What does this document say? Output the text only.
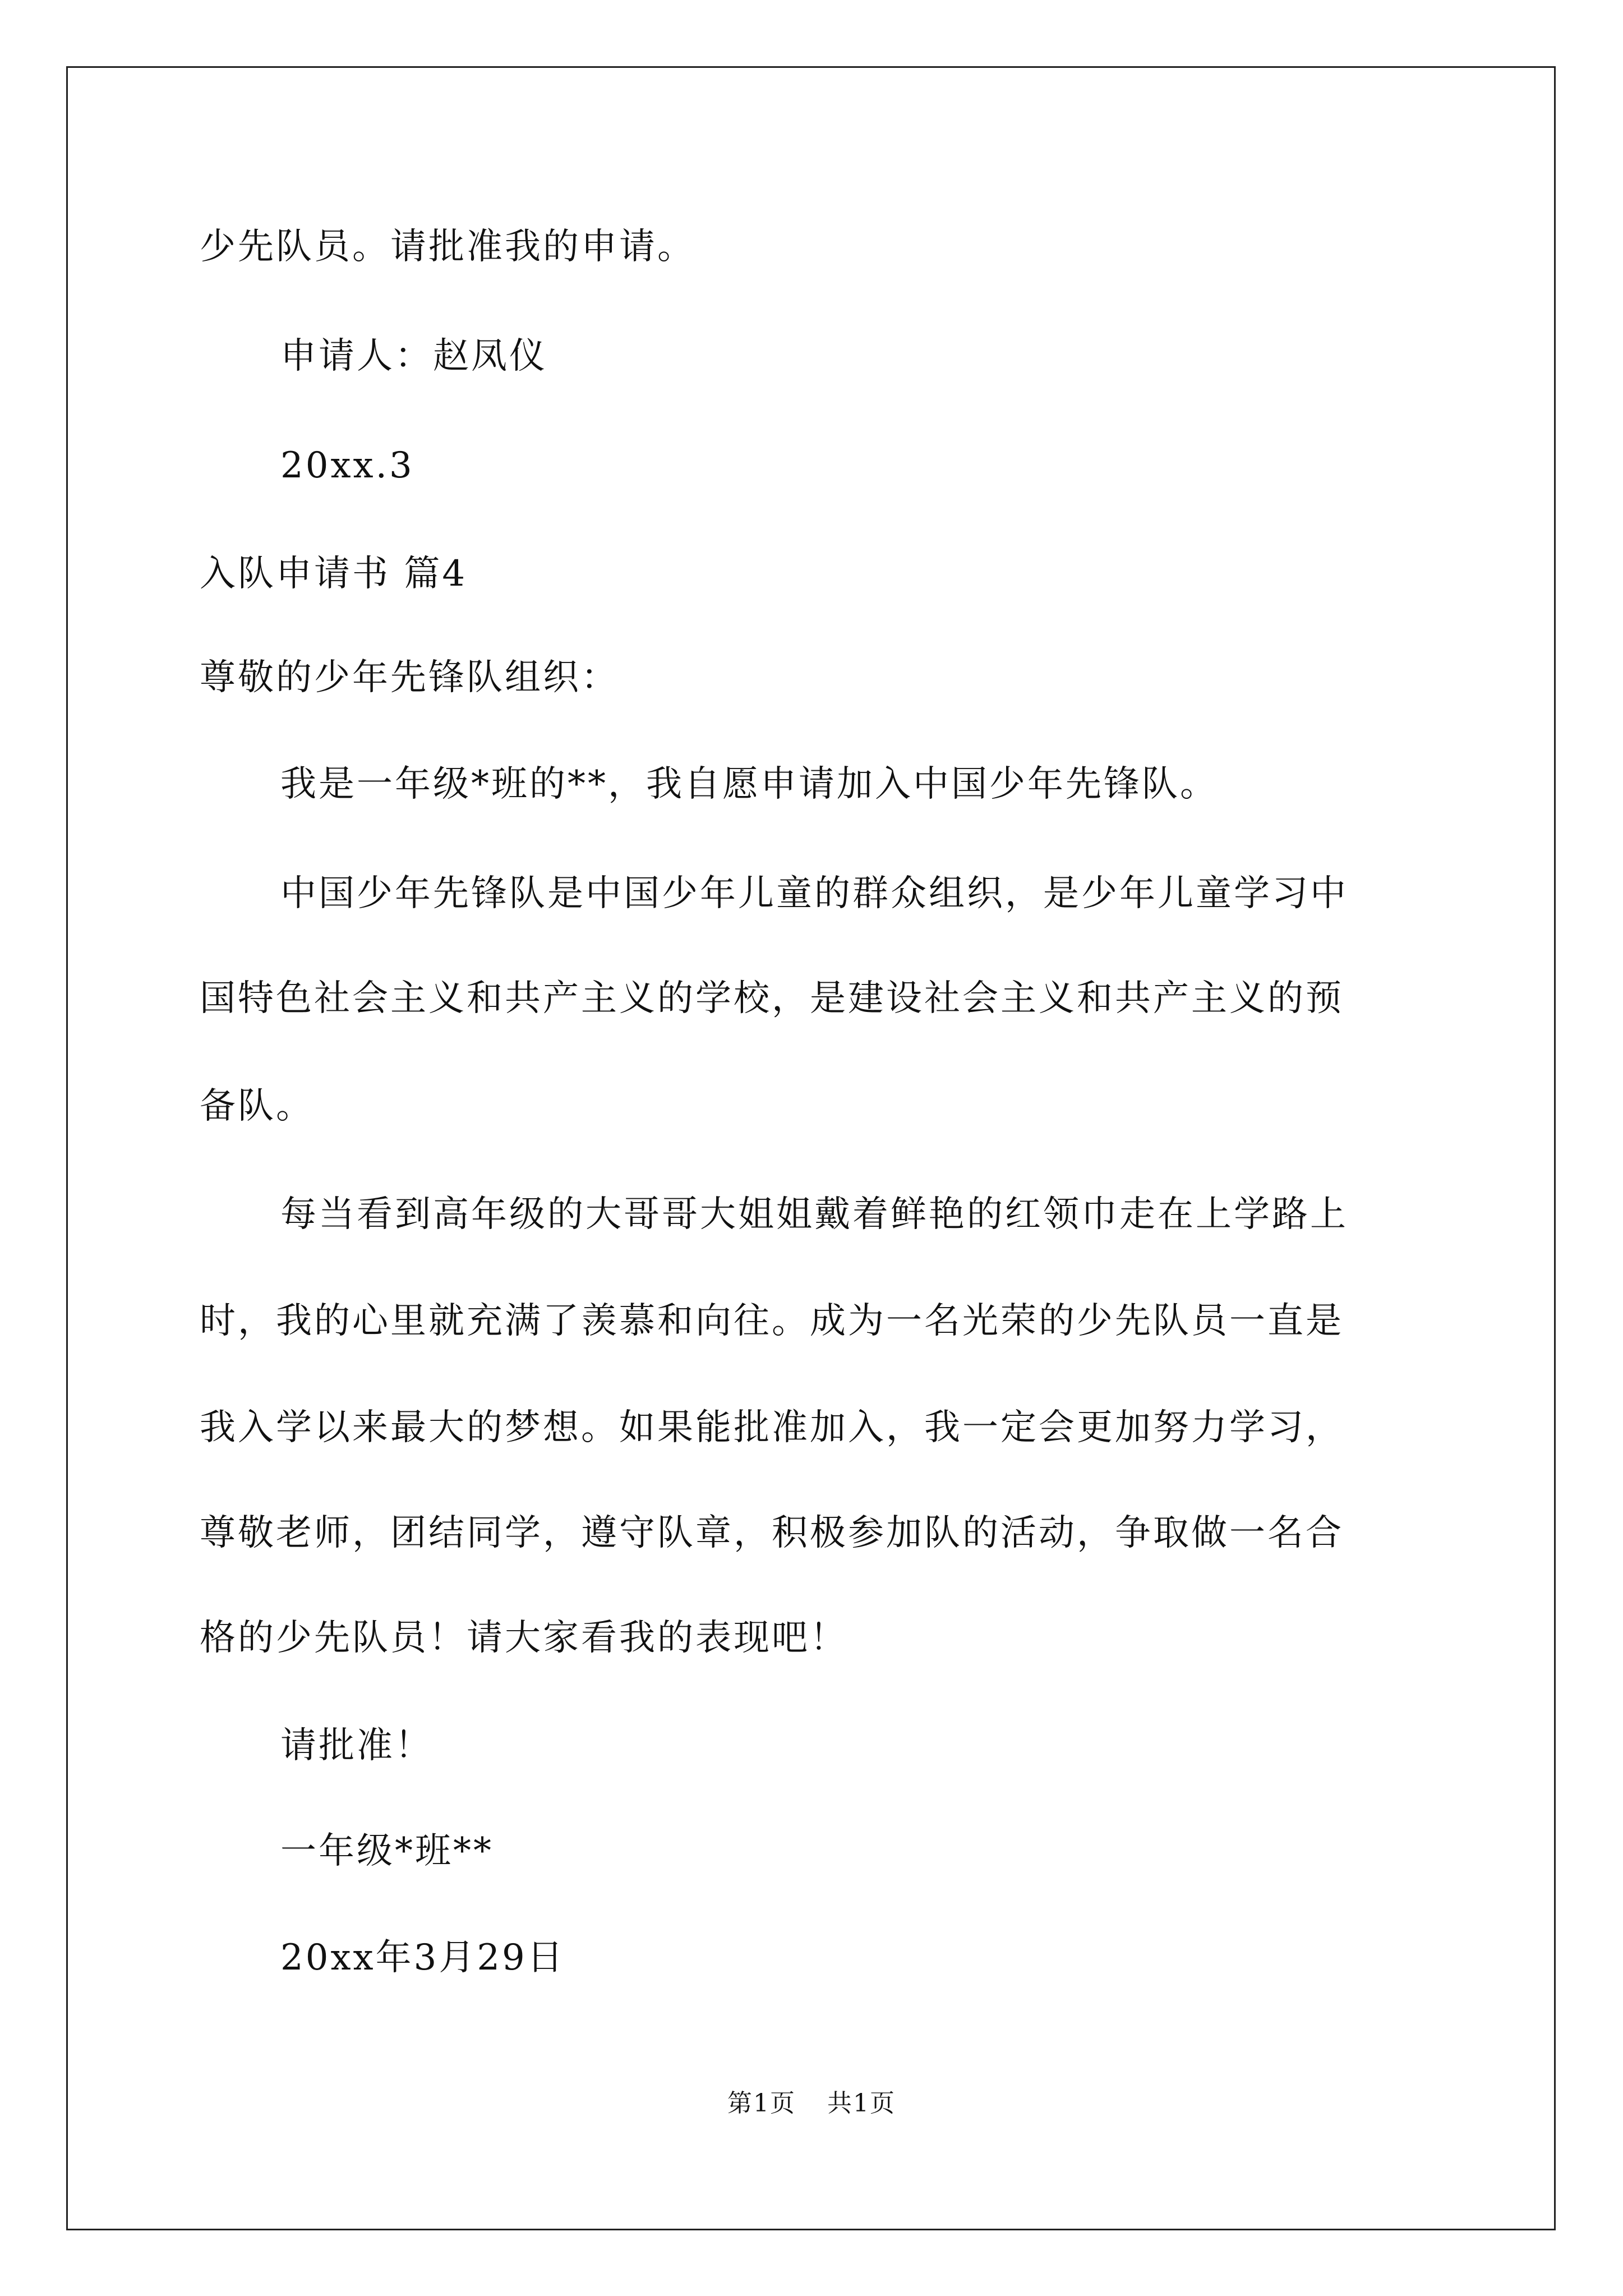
少先队员。请批准我的申请。
申请人：赵凤仪
20xx.3
入队申请书 篇4
尊敬的少年先锋队组织：
我是一年级*班的**，我自愿申请加入中国少年先锋队。
中国少年先锋队是中国少年儿童的群众组织，是少年儿童学习中
国特色社会主义和共产主义的学校，是建设社会主义和共产主义的预
备队。
每当看到高年级的大哥哥大姐姐戴着鲜艳的红领巾走在上学路上
时，我的心里就充满了羡慕和向往。成为一名光荣的少先队员一直是
我入学以来最大的梦想。如果能批准加入，我一定会更加努力学习，
尊敬老师，团结同学，遵守队章，积极参加队的活动，争取做一名合
格的少先队员！请大家看我的表现吧！
请批准！
一年级*班**
20xx年3月29日
第1页 共1页
